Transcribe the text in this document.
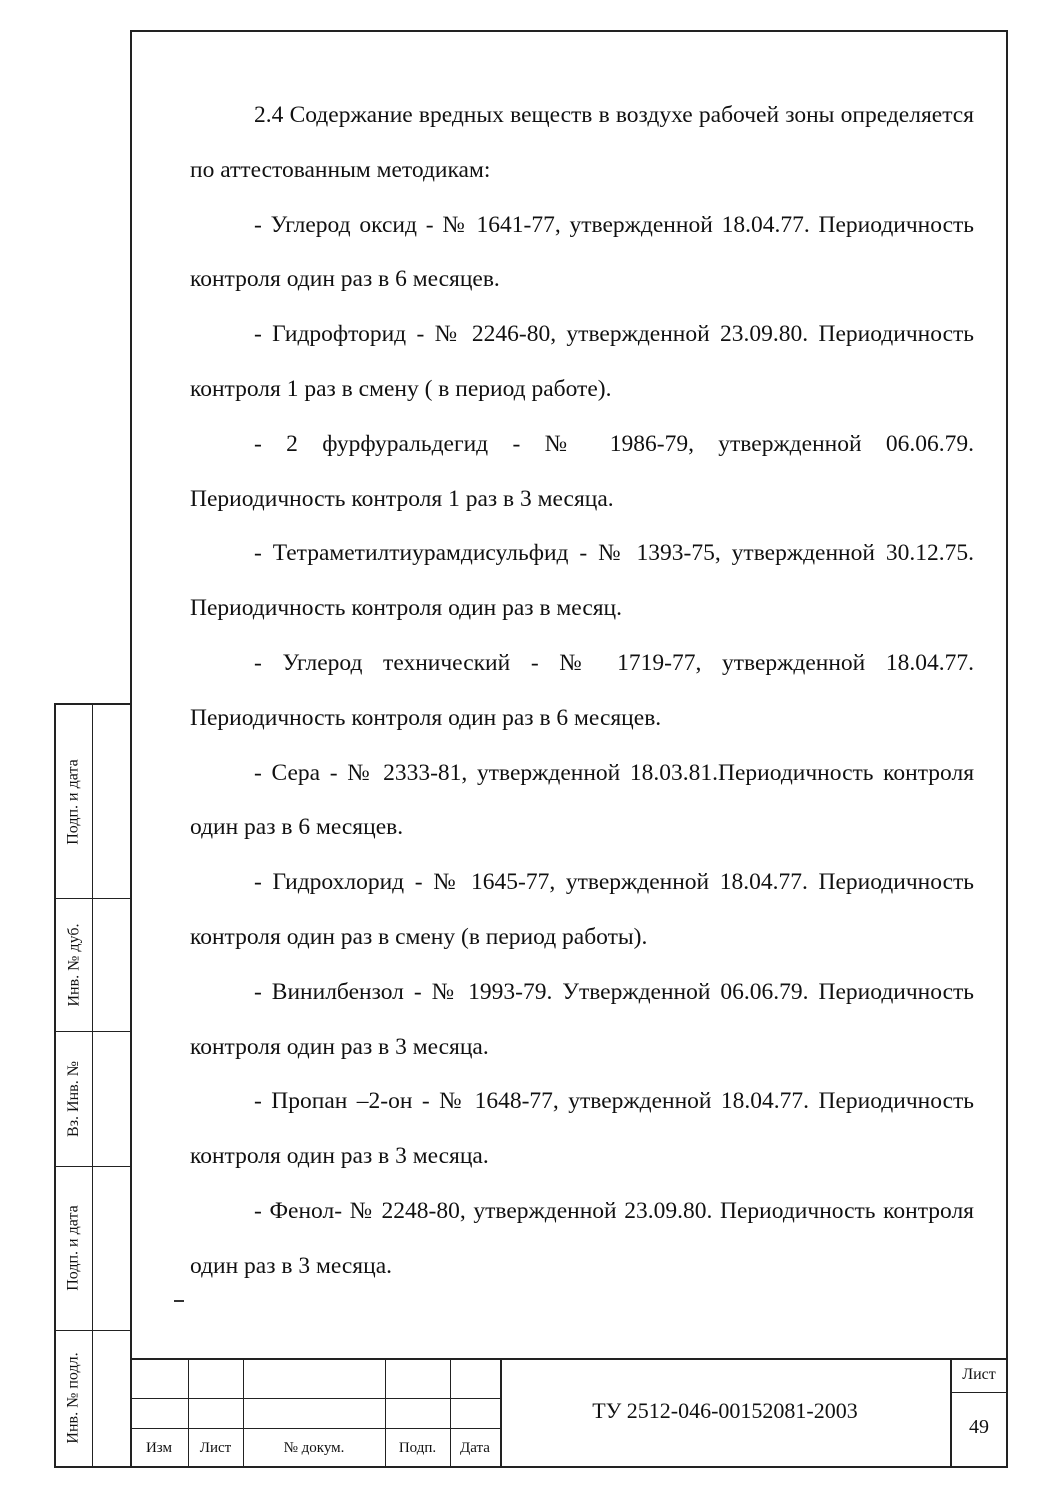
2.4 Содержание вредных веществ в воздухе рабочей зоны определяется по аттестованным методикам:

- Углерод оксид - № 1641-77, утвержденной 18.04.77. Периодичность контроля один раз в 6 месяцев.

- Гидрофторид - № 2246-80, утвержденной 23.09.80. Периодичность контроля 1 раз в смену ( в период работе).

- 2 фурфуральдегид - № 1986-79, утвержденной 06.06.79. Периодичность контроля 1 раз в 3 месяца.

- Тетраметилтиурамдисульфид - № 1393-75, утвержденной 30.12.75. Периодичность контроля один раз в месяц.

- Углерод технический - № 1719-77, утвержденной 18.04.77. Периодичность контроля один раз в 6 месяцев.

- Сера - № 2333-81, утвержденной 18.03.81.Периодичность контроля один раз в 6 месяцев.

- Гидрохлорид - № 1645-77, утвержденной 18.04.77. Периодичность контроля один раз в смену (в период работы).

- Винилбензол - № 1993-79. Утвержденной 06.06.79. Периодичность контроля один раз в 3 месяца.

- Пропан –2-он - № 1648-77, утвержденной 18.04.77. Периодичность контроля один раз в 3 месяца.

- Фенол- № 2248-80, утвержденной 23.09.80. Периодичность контроля один раз в 3 месяца.

Подп. и дата
Инв. № дуб.
Вз. Инв. №
Подп. и дата
Инв. № подл.
Изм	Лист	№ докум.	Подп.	Дата
ТУ 2512-046-00152081-2003
Лист
49
